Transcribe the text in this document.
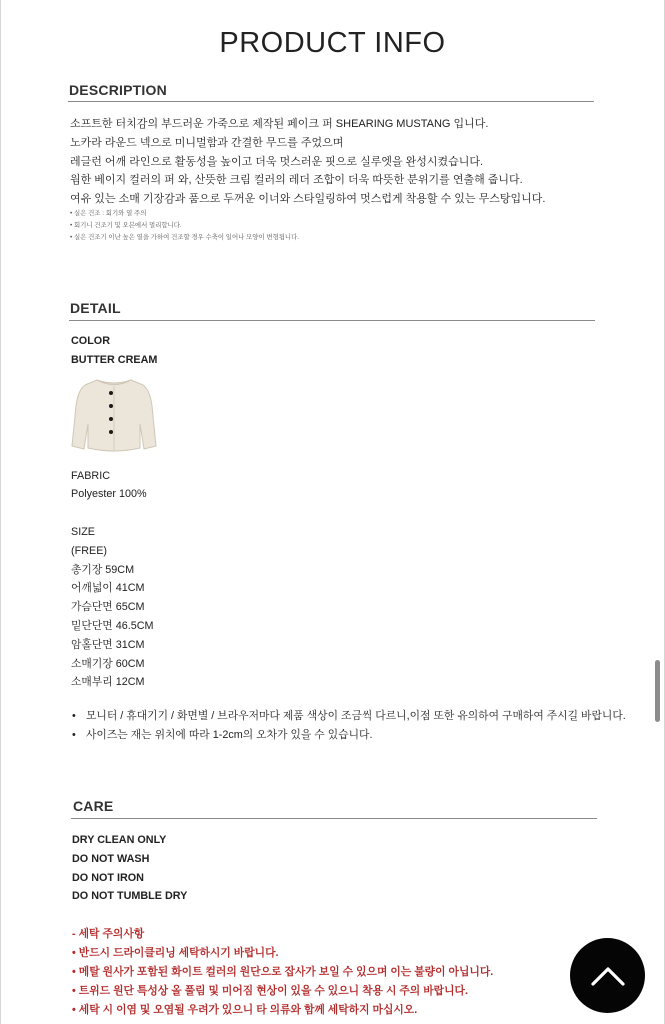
PRODUCT INFO
DESCRIPTION
소프트한 터치감의 부드러운 가죽으로 제작된 페이크 퍼 SHEARING MUSTANG 입니다.
노카라 라운드 넥으로 미니멀함과 간결한 무드를 주었으며
레글런 어깨 라인으로 활동성을 높이고 더욱 멋스러운 핏으로 실루엣을 완성시켰습니다.
웜한 베이지 컬러의 퍼 와, 산뜻한 크림 컬러의 레더 조합이 더욱 따뜻한 분위기를 연출해 줍니다.
여유 있는 소매 기장감과 품으로 두꺼운 이너와 스타일링하여 멋스럽게 착용할 수 있는 무스탕입니다.
• 실은 건조 : 회기와 열 주의
• 회기니 건조기 및 오븐에서 멀리합니다.
• 실은 건조기 이난 높은 열을 가하여 건조할 경우 수축이 일어나 모양이 변형됩니다.
DETAIL
COLOR
BUTTER CREAM
FABRIC
Polyester 100%
SIZE
(FREE)
총기장 59CM
어깨넓이 41CM
가슴단면 65CM
밑단단면 46.5CM
암홀단면 31CM
소매기장 60CM
소매부리 12CM
• 모니터 / 휴대기기 / 화면별 / 브라우저마다 제품 색상이 조금씩 다르니,이점 또한 유의하여 구매하여 주시길 바랍니다.
• 사이즈는 재는 위치에 따라 1-2cm의 오차가 있을 수 있습니다.
CARE
DRY CLEAN ONLY
DO NOT WASH
DO NOT IRON
DO NOT TUMBLE DRY
- 세탁 주의사항
• 반드시 드라이클리닝 세탁하시기 바랍니다.
• 메탈 원사가 포함된 화이트 컬러의 원단으로 잡사가 보일 수 있으며 이는 불량이 아닙니다.
• 트위드 원단 특성상 올 풀림 및 미어짐 현상이 있을 수 있으니 착용 시 주의 바랍니다.
• 세탁 시 이염 및 오염될 우려가 있으니 타 의류와 함께 세탁하지 마십시오.
